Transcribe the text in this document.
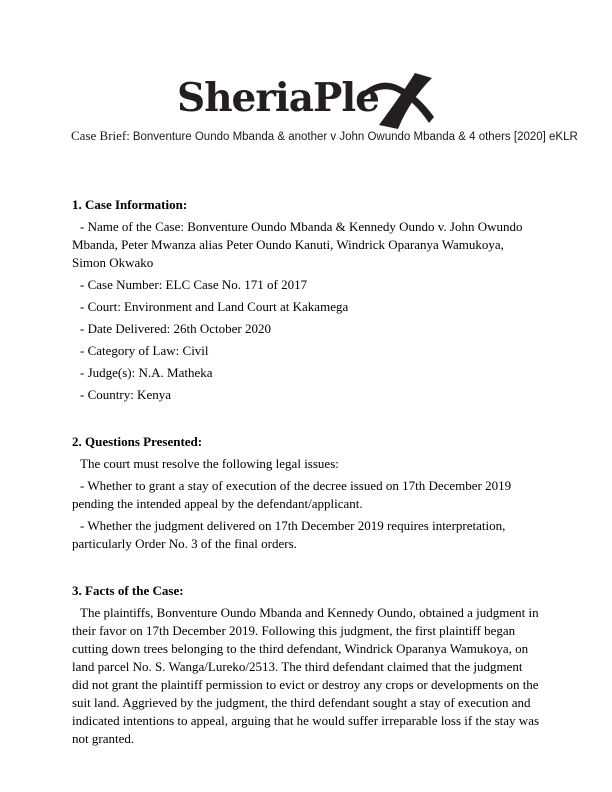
SheriaPle
Case Brief: Bonventure Oundo Mbanda & another v John Owundo Mbanda & 4 others [2020] eKLR
1. Case Information:

- Name of the Case: Bonventure Oundo Mbanda & Kennedy Oundo v. John Owundo Mbanda, Peter Mwanza alias Peter Oundo Kanuti, Windrick Oparanya Wamukoya, Simon Okwako

- Case Number: ELC Case No. 171 of 2017

- Court: Environment and Land Court at Kakamega

- Date Delivered: 26th October 2020

- Category of Law: Civil

- Judge(s): N.A. Matheka

- Country: Kenya

2. Questions Presented:

The court must resolve the following legal issues:

- Whether to grant a stay of execution of the decree issued on 17th December 2019 pending the intended appeal by the defendant/applicant.

- Whether the judgment delivered on 17th December 2019 requires interpretation, particularly Order No. 3 of the final orders.

3. Facts of the Case:

The plaintiffs, Bonventure Oundo Mbanda and Kennedy Oundo, obtained a judgment in their favor on 17th December 2019. Following this judgment, the first plaintiff began cutting down trees belonging to the third defendant, Windrick Oparanya Wamukoya, on land parcel No. S. Wanga/Lureko/2513. The third defendant claimed that the judgment did not grant the plaintiff permission to evict or destroy any crops or developments on the suit land. Aggrieved by the judgment, the third defendant sought a stay of execution and indicated intentions to appeal, arguing that he would suffer irreparable loss if the stay was not granted.
